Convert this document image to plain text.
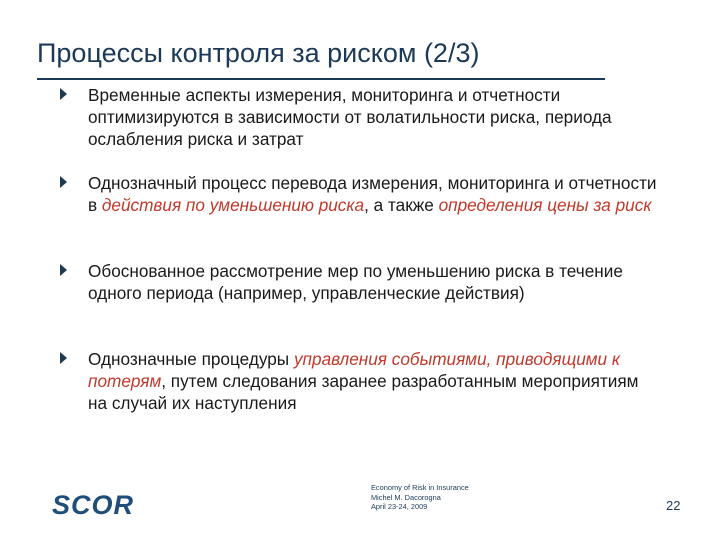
Процессы контроля за риском (2/3)
Временные аспекты измерения, мониторинга и отчетности оптимизируются в зависимости от волатильности риска, периода ослабления риска и затрат
Однозначный процесс перевода измерения, мониторинга и отчетности в действия по уменьшению риска, а также определения цены за риск
Обоснованное рассмотрение мер по уменьшению риска в течение одного периода (например, управленческие действия)
Однозначные процедуры управления событиями, приводящими к потерям, путем следования заранее разработанным мероприятиям на случай их наступления
Economy of Risk in Insurance
Michel M. Dacorogna
April 23-24, 2009
SCOR	22
